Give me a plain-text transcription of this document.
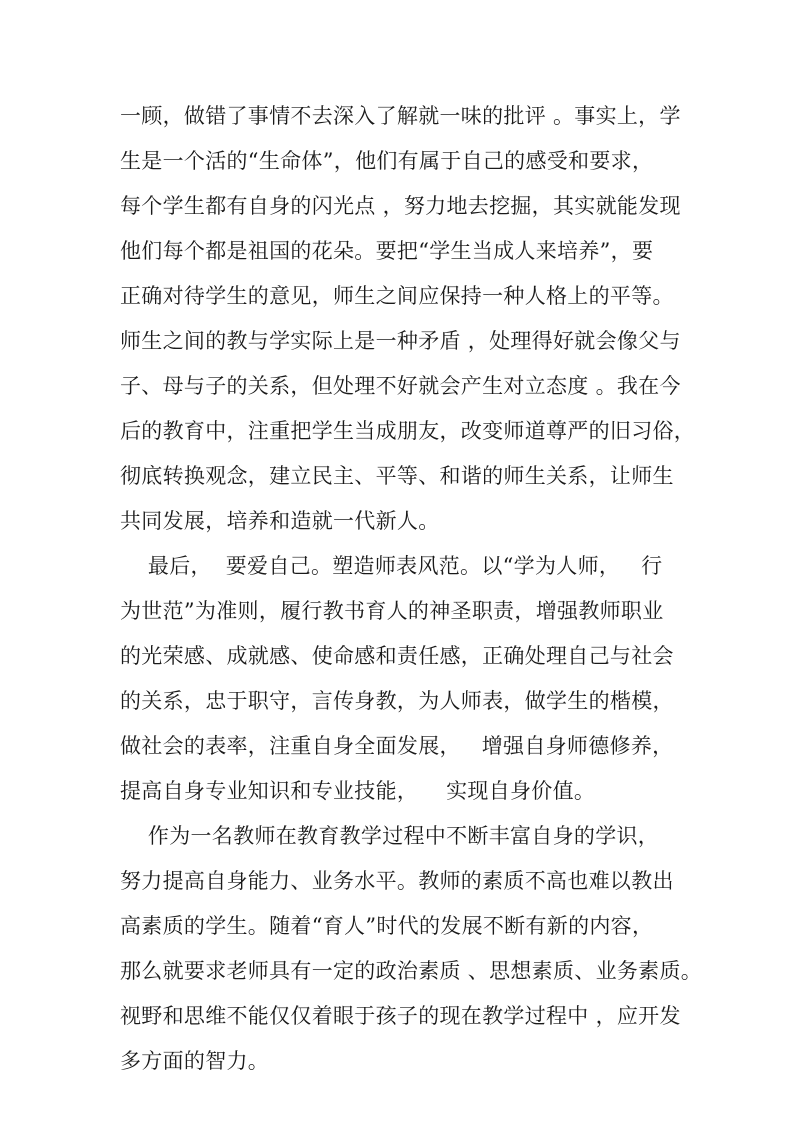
一顾，做错了事情不去深入了解就一味的批评 。事实上，学
生是一个活的“生命体”，他们有属于自己的感受和要求，
每个学生都有自身的闪光点 ，努力地去挖掘，其实就能发现
他们每个都是祖国的花朵。要把“学生当成人来培养”，要
正确对待学生的意见，师生之间应保持一种人格上的平等。
师生之间的教与学实际上是一种矛盾 ，处理得好就会像父与
子、母与子的关系，但处理不好就会产生对立态度 。我在今
后的教育中，注重把学生当成朋友，改变师道尊严的旧习俗，
彻底转换观念，建立民主、平等、和谐的师生关系，让师生
共同发展，培养和造就一代新人。
最后，  要爱自己。塑造师表风范。以“学为人师，   行
为世范”为准则，履行教书育人的神圣职责，增强教师职业
的光荣感、成就感、使命感和责任感，正确处理自己与社会
的关系，忠于职守，言传身教，为人师表，做学生的楷模，
做社会的表率，注重自身全面发展，   增强自身师德修养，
提高自身专业知识和专业技能，    实现自身价值。
作为一名教师在教育教学过程中不断丰富自身的学识，
努力提高自身能力、业务水平。教师的素质不高也难以教出
高素质的学生。随着“育人”时代的发展不断有新的内容，
那么就要求老师具有一定的政治素质 、思想素质、业务素质。
视野和思维不能仅仅着眼于孩子的现在教学过程中 ，应开发
多方面的智力。
